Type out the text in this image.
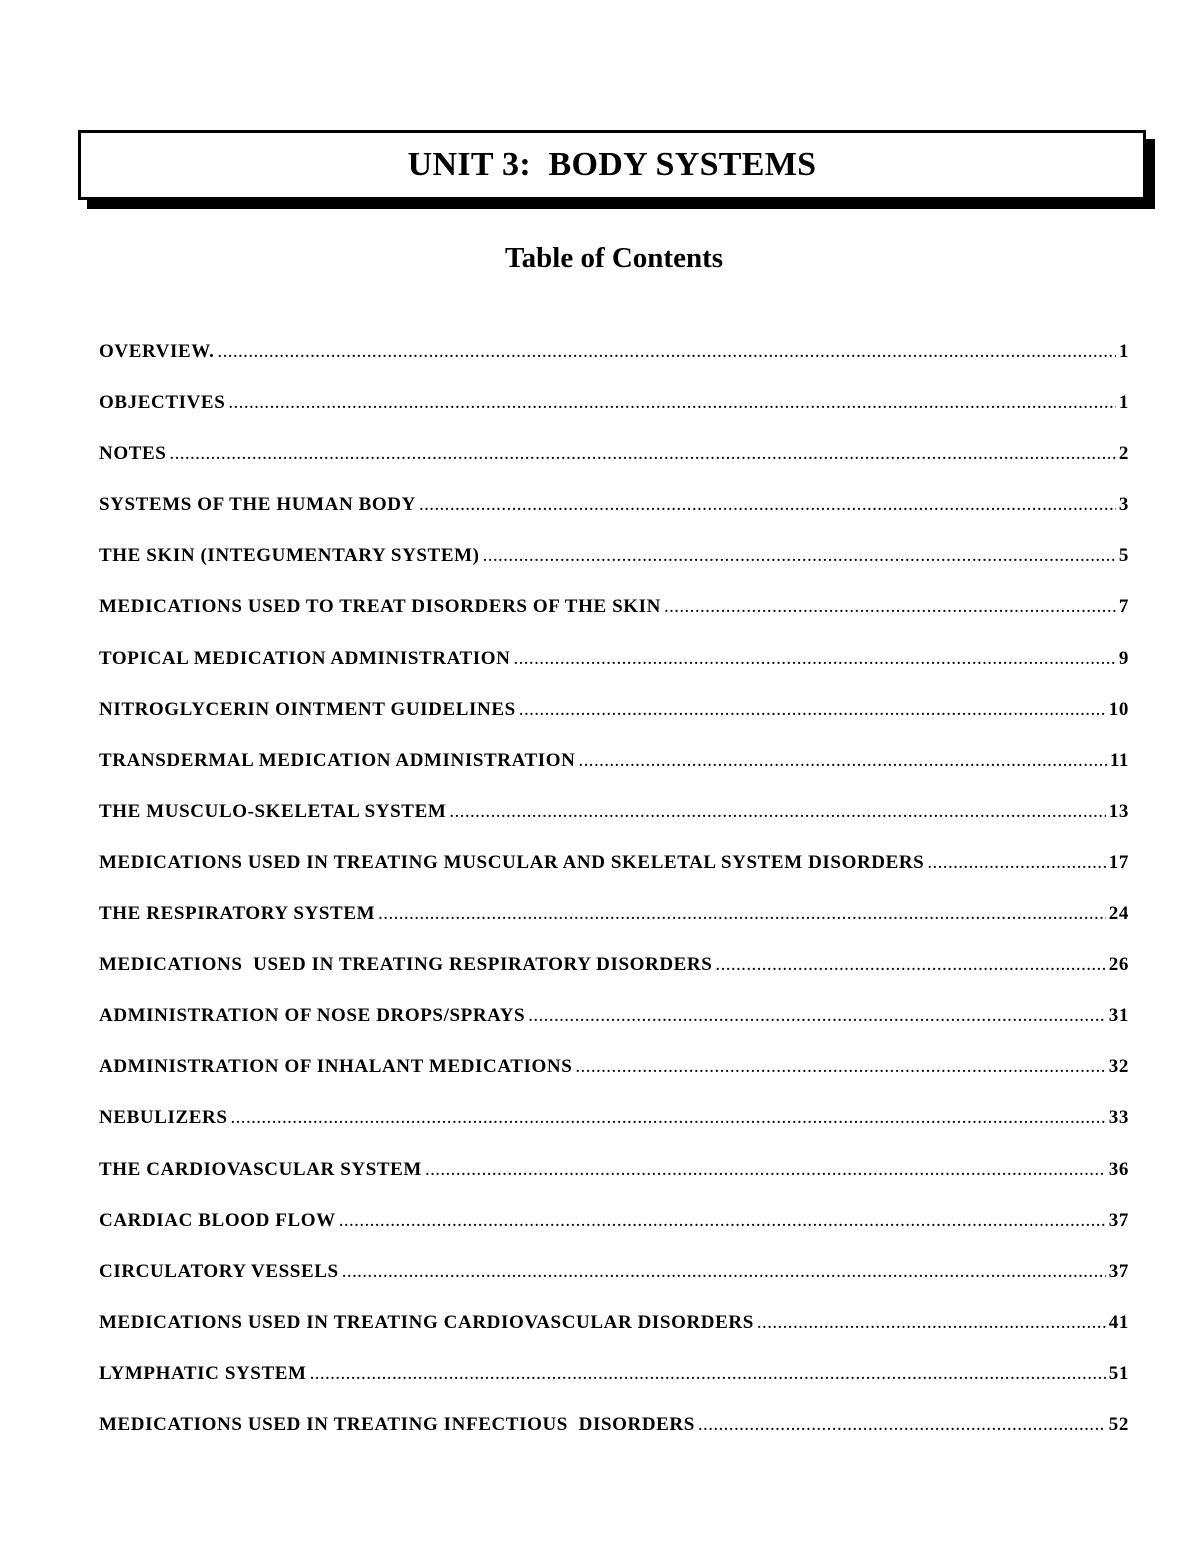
UNIT 3:  BODY SYSTEMS
Table of Contents
OVERVIEW. .....	1
OBJECTIVES .....	1
NOTES .....	2
SYSTEMS OF THE HUMAN BODY .....	3
THE SKIN (INTEGUMENTARY SYSTEM) .....	5
MEDICATIONS USED TO TREAT DISORDERS OF THE SKIN .....	7
TOPICAL MEDICATION ADMINISTRATION .....	9
NITROGLYCERIN OINTMENT GUIDELINES .....	10
TRANSDERMAL MEDICATION ADMINISTRATION .....	11
THE MUSCULO-SKELETAL SYSTEM .....	13
MEDICATIONS USED IN TREATING MUSCULAR AND SKELETAL SYSTEM DISORDERS .....	17
THE RESPIRATORY SYSTEM .....	24
MEDICATIONS  USED IN TREATING RESPIRATORY DISORDERS .....	26
ADMINISTRATION OF NOSE DROPS/SPRAYS .....	31
ADMINISTRATION OF INHALANT MEDICATIONS .....	32
NEBULIZERS .....	33
THE CARDIOVASCULAR SYSTEM .....	36
CARDIAC BLOOD FLOW .....	37
CIRCULATORY VESSELS .....	37
MEDICATIONS USED IN TREATING CARDIOVASCULAR DISORDERS .....	41
LYMPHATIC SYSTEM .....	51
MEDICATIONS USED IN TREATING INFECTIOUS  DISORDERS .....	52
